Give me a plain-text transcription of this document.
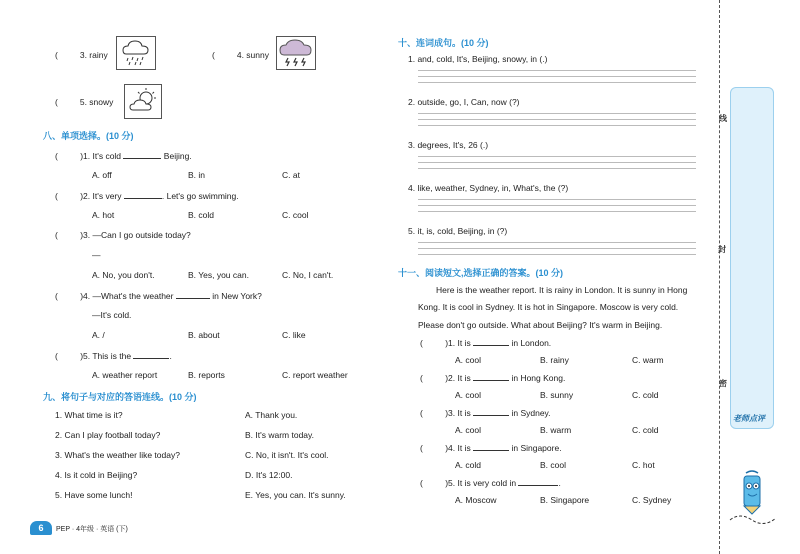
(	3. rainy	(	4. sunny
(	5. snowy
八、单项选择。(10 分)
( )1. It's cold	Beijing.
A. off	B. in	C. at
( )2. It's very	. Let's go swimming.
A. hot	B. cold	C. cool
( )3. —Can I go outside today?
—
A. No, you don't.	B. Yes, you can.	C. No, I can't.
( )4. —What's the weather	in New York?
—It's cold.
A. /	B. about	C. like
( )5. This is the	.
A. weather report	B. reports	C. report weather
九、将句子与对应的答语连线。(10 分)
1. What time is it?
2. Can I play football today?
3. What's the weather like today?
4. Is it cold in Beijing?
5. Have some lunch!
A. Thank you.
B. It's warm today.
C. No, it isn't. It's cool.
D. It's 12:00.
E. Yes, you can. It's sunny.
6	PEP · 4年级 · 英语 (下)
十、连词成句。(10 分)
1. and, cold, It's, Beijing, snowy, in (.)
2. outside, go, I, Can, now (?)
3. degrees, It's, 26 (.)
4. like, weather, Sydney, in, What's, the (?)
5. it, is, cold, Beijing, in (?)
十一、阅读短文,选择正确的答案。(10 分)
Here is the weather report. It is rainy in London. It is sunny in Hong
Kong. It is cool in Sydney. It is hot in Singapore. Moscow is very cold.
Please don't go outside. What about Beijing? It's warm in Beijing.
( )1. It is	in London.
A. cool	B. rainy	C. warm
( )2. It is	in Hong Kong.
A. cool	B. sunny	C. cold
( )3. It is	in Sydney.
A. cool	B. warm	C. cold
( )4. It is	in Singapore.
A. cold	B. cool	C. hot
( )5. It is very cold in	.
A. Moscow	B. Singapore	C. Sydney
线
封
密
老师点评
